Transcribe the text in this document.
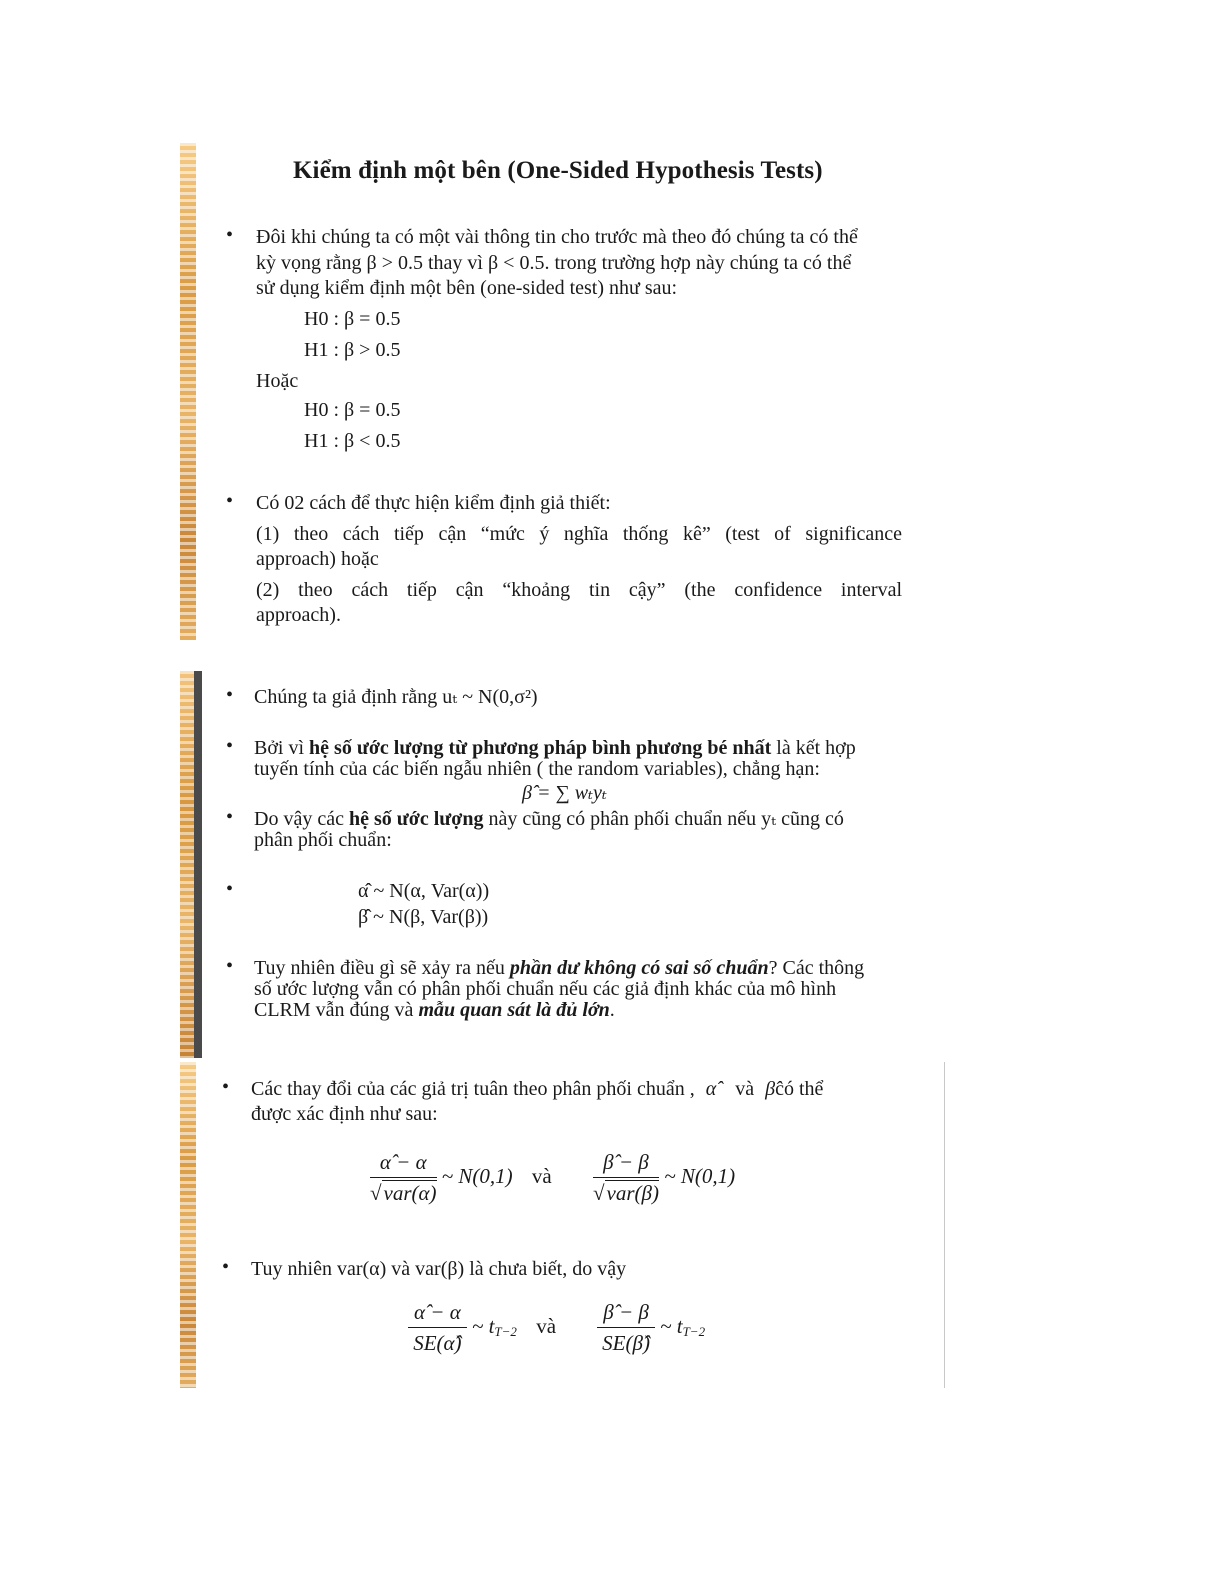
Kiểm định một bên (One-Sided Hypothesis Tests)
• Đôi khi chúng ta có một vài thông tin cho trước mà theo đó chúng ta có thể
kỳ vọng rằng β > 0.5 thay vì β < 0.5. trong trường hợp này chúng ta có thể
sử dụng kiểm định một bên (one-sided test) như sau:
H0 : β = 0.5
H1 : β > 0.5
Hoặc
H0 : β = 0.5
H1 : β < 0.5
• Có 02 cách để thực hiện kiểm định giả thiết:
(1) theo cách tiếp cận “mức ý nghĩa thống kê” (test of significance
approach) hoặc
(2) theo cách tiếp cận “khoảng tin cậy” (the confidence interval
approach).
• Chúng ta giả định rằng uₜ ~ N(0,σ²)
• Bởi vì hệ số ước lượng từ phương pháp bình phương bé nhất là kết hợp
tuyến tính của các biến ngẫu nhiên ( the random variables), chẳng hạn:
β̂ = ∑ wₜyₜ
• Do vậy các hệ số ước lượng này cũng có phân phối chuẩn nếu yₜ cũng có
phân phối chuẩn:
•	α̂ ~ N(α, Var(α))
β̂ ~ N(β, Var(β))
• Tuy nhiên điều gì sẽ xảy ra nếu phần dư không có sai số chuẩn? Các thông
số ước lượng vẫn có phân phối chuẩn nếu các giả định khác của mô hình
CLRM vẫn đúng và mẫu quan sát là đủ lớn.
• Các thay đổi của các giả trị tuân theo phân phối chuẩn , α̂ và β̂có thể
được xác định như sau:
$\frac{\alphâ - \alpha}{\text{√var(α)}}$ ~ N(0,1) và $\frac{\betâ - \beta}{\text{√var(β)}}$ ~ N(0,1)
• Tuy nhiên var(α) và var(β) là chưa biết, do vậy
$\frac{\alphâ - \alpha}{SE(\alphâ)}$ ~ $t_{T-2}$ và $\frac{\betâ - \beta}{SE(\betâ)}$ ~ $t_{T-2}$
